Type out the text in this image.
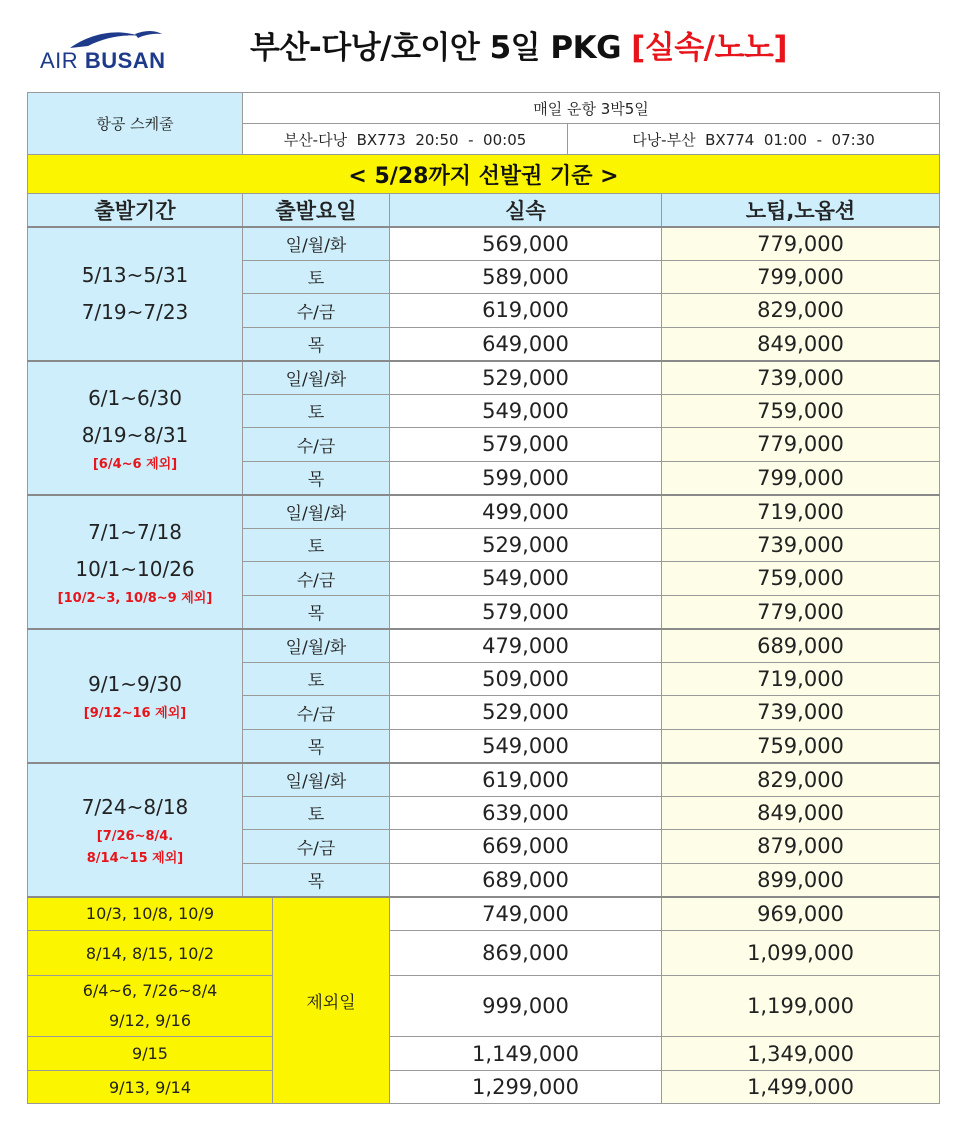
AIR BUSAN	부산-다낭/호이안 5일 PKG [실속/노노]
항공 스케줄	매일 운항 3박5일				
	부산-다낭  BX773  20:50  -  00:05			다낭-부산  BX774  01:00  -  07:30	
< 5/28까지 선발권 기준 >					
출발기간	출발요일		실속		노팁,노옵션

5/13~5/31
7/19~7/23	일/월/화		569,000		779,000
	토		589,000		799,000
	수/금		619,000		829,000
	목		649,000		849,000

6/1~6/30
8/19~8/31
[6/4~6 제외]	일/월/화		529,000		739,000
	토		549,000		759,000
	수/금		579,000		779,000
	목		599,000		799,000

7/1~7/18
10/1~10/26
[10/2~3, 10/8~9 제외]	일/월/화		499,000		719,000
	토		529,000		739,000
	수/금		549,000		759,000
	목		579,000		779,000

9/1~9/30
[9/12~16 제외]	일/월/화		479,000		689,000
	토		509,000		719,000
	수/금		529,000		739,000
	목		549,000		759,000

7/24~8/18
[7/26~8/4.
8/14~15 제외]	일/월/화		619,000		829,000
	토		639,000		849,000
	수/금		669,000		879,000
	목		689,000		899,000

10/3, 10/8, 10/9		제외일	749,000		969,000

8/14, 8/15, 10/2			869,000		1,099,000

6/4~6, 7/26~8/4
9/12, 9/16			999,000		1,199,000

9/15			1,149,000		1,349,000

9/13, 9/14			1,299,000		1,499,000
